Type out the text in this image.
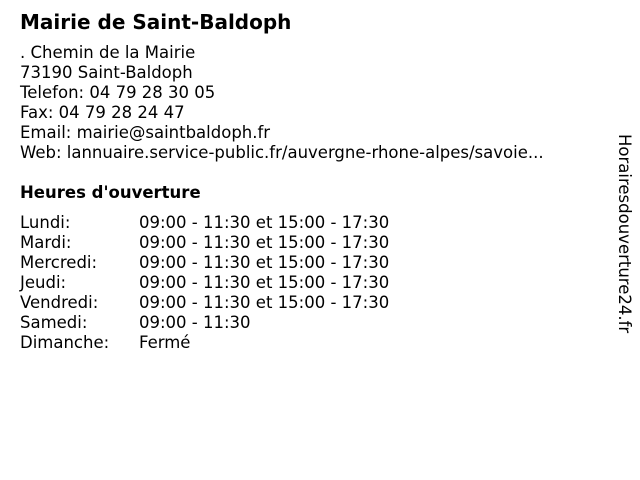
Mairie de Saint-Baldoph
. Chemin de la Mairie
73190 Saint-Baldoph
Telefon: 04 79 28 30 05
Fax: 04 79 28 24 47
Email: mairie@saintbaldoph.fr
Web: lannuaire.service-public.fr/auvergne-rhone-alpes/savoie...
Heures d'ouverture
Lundi:	09:00 - 11:30 et 15:00 - 17:30
Mardi:	09:00 - 11:30 et 15:00 - 17:30
Mercredi:	09:00 - 11:30 et 15:00 - 17:30
Jeudi:	09:00 - 11:30 et 15:00 - 17:30
Vendredi: 09:00 - 11:30 et 15:00 - 17:30
Samedi:	09:00 - 11:30
Dimanche: Fermé
Horairesdouverture24.fr
